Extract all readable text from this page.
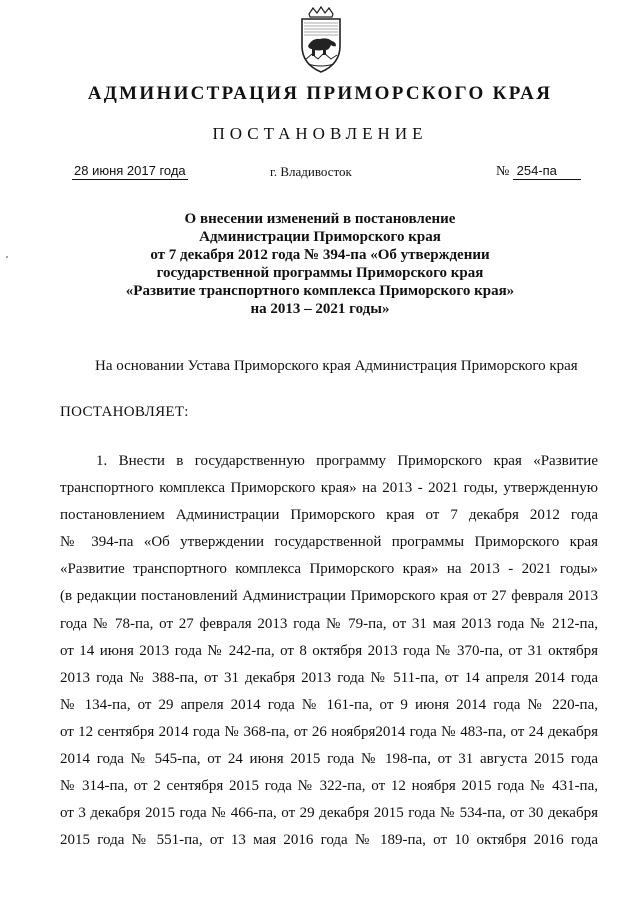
АДМИНИСТРАЦИЯ ПРИМОРСКОГО КРАЯ
ПОСТАНОВЛЕНИЕ
28 июня 2017 года	г. Владивосток	№ 254-па
О внесении изменений в постановление
Администрации Приморского края
от 7 декабря 2012 года № 394-па «Об утверждении
государственной программы Приморского края
«Развитие транспортного комплекса Приморского края»
на 2013 – 2021 годы»
На основании Устава Приморского края Администрация Приморского края
ПОСТАНОВЛЯЕТ:
1. Внести в государственную программу Приморского края «Развитие
транспортного комплекса Приморского края» на 2013 - 2021 годы, утвержденную
постановлением Администрации Приморского края от 7 декабря 2012 года
№ 394-па «Об утверждении государственной программы Приморского края
«Развитие транспортного комплекса Приморского края» на 2013 - 2021 годы»
(в редакции постановлений Администрации Приморского края от 27 февраля 2013
года № 78-па, от 27 февраля 2013 года № 79-па, от 31 мая 2013 года № 212-па,
от 14 июня 2013 года № 242-па, от 8 октября 2013 года № 370-па, от 31 октября
2013 года № 388-па, от 31 декабря 2013 года № 511-па, от 14 апреля 2014 года
№ 134-па, от 29 апреля 2014 года № 161-па, от 9 июня 2014 года № 220-па,
от 12 сентября 2014 года № 368-па, от 26 ноября2014 года № 483-па, от 24 декабря
2014 года № 545-па, от 24 июня 2015 года № 198-па, от 31 августа 2015 года
№ 314-па, от 2 сентября 2015 года № 322-па, от 12 ноября 2015 года № 431-па,
от 3 декабря 2015 года № 466-па, от 29 декабря 2015 года № 534-па, от 30 декабря
2015 года № 551-па, от 13 мая 2016 года № 189-па, от 10 октября 2016 года
